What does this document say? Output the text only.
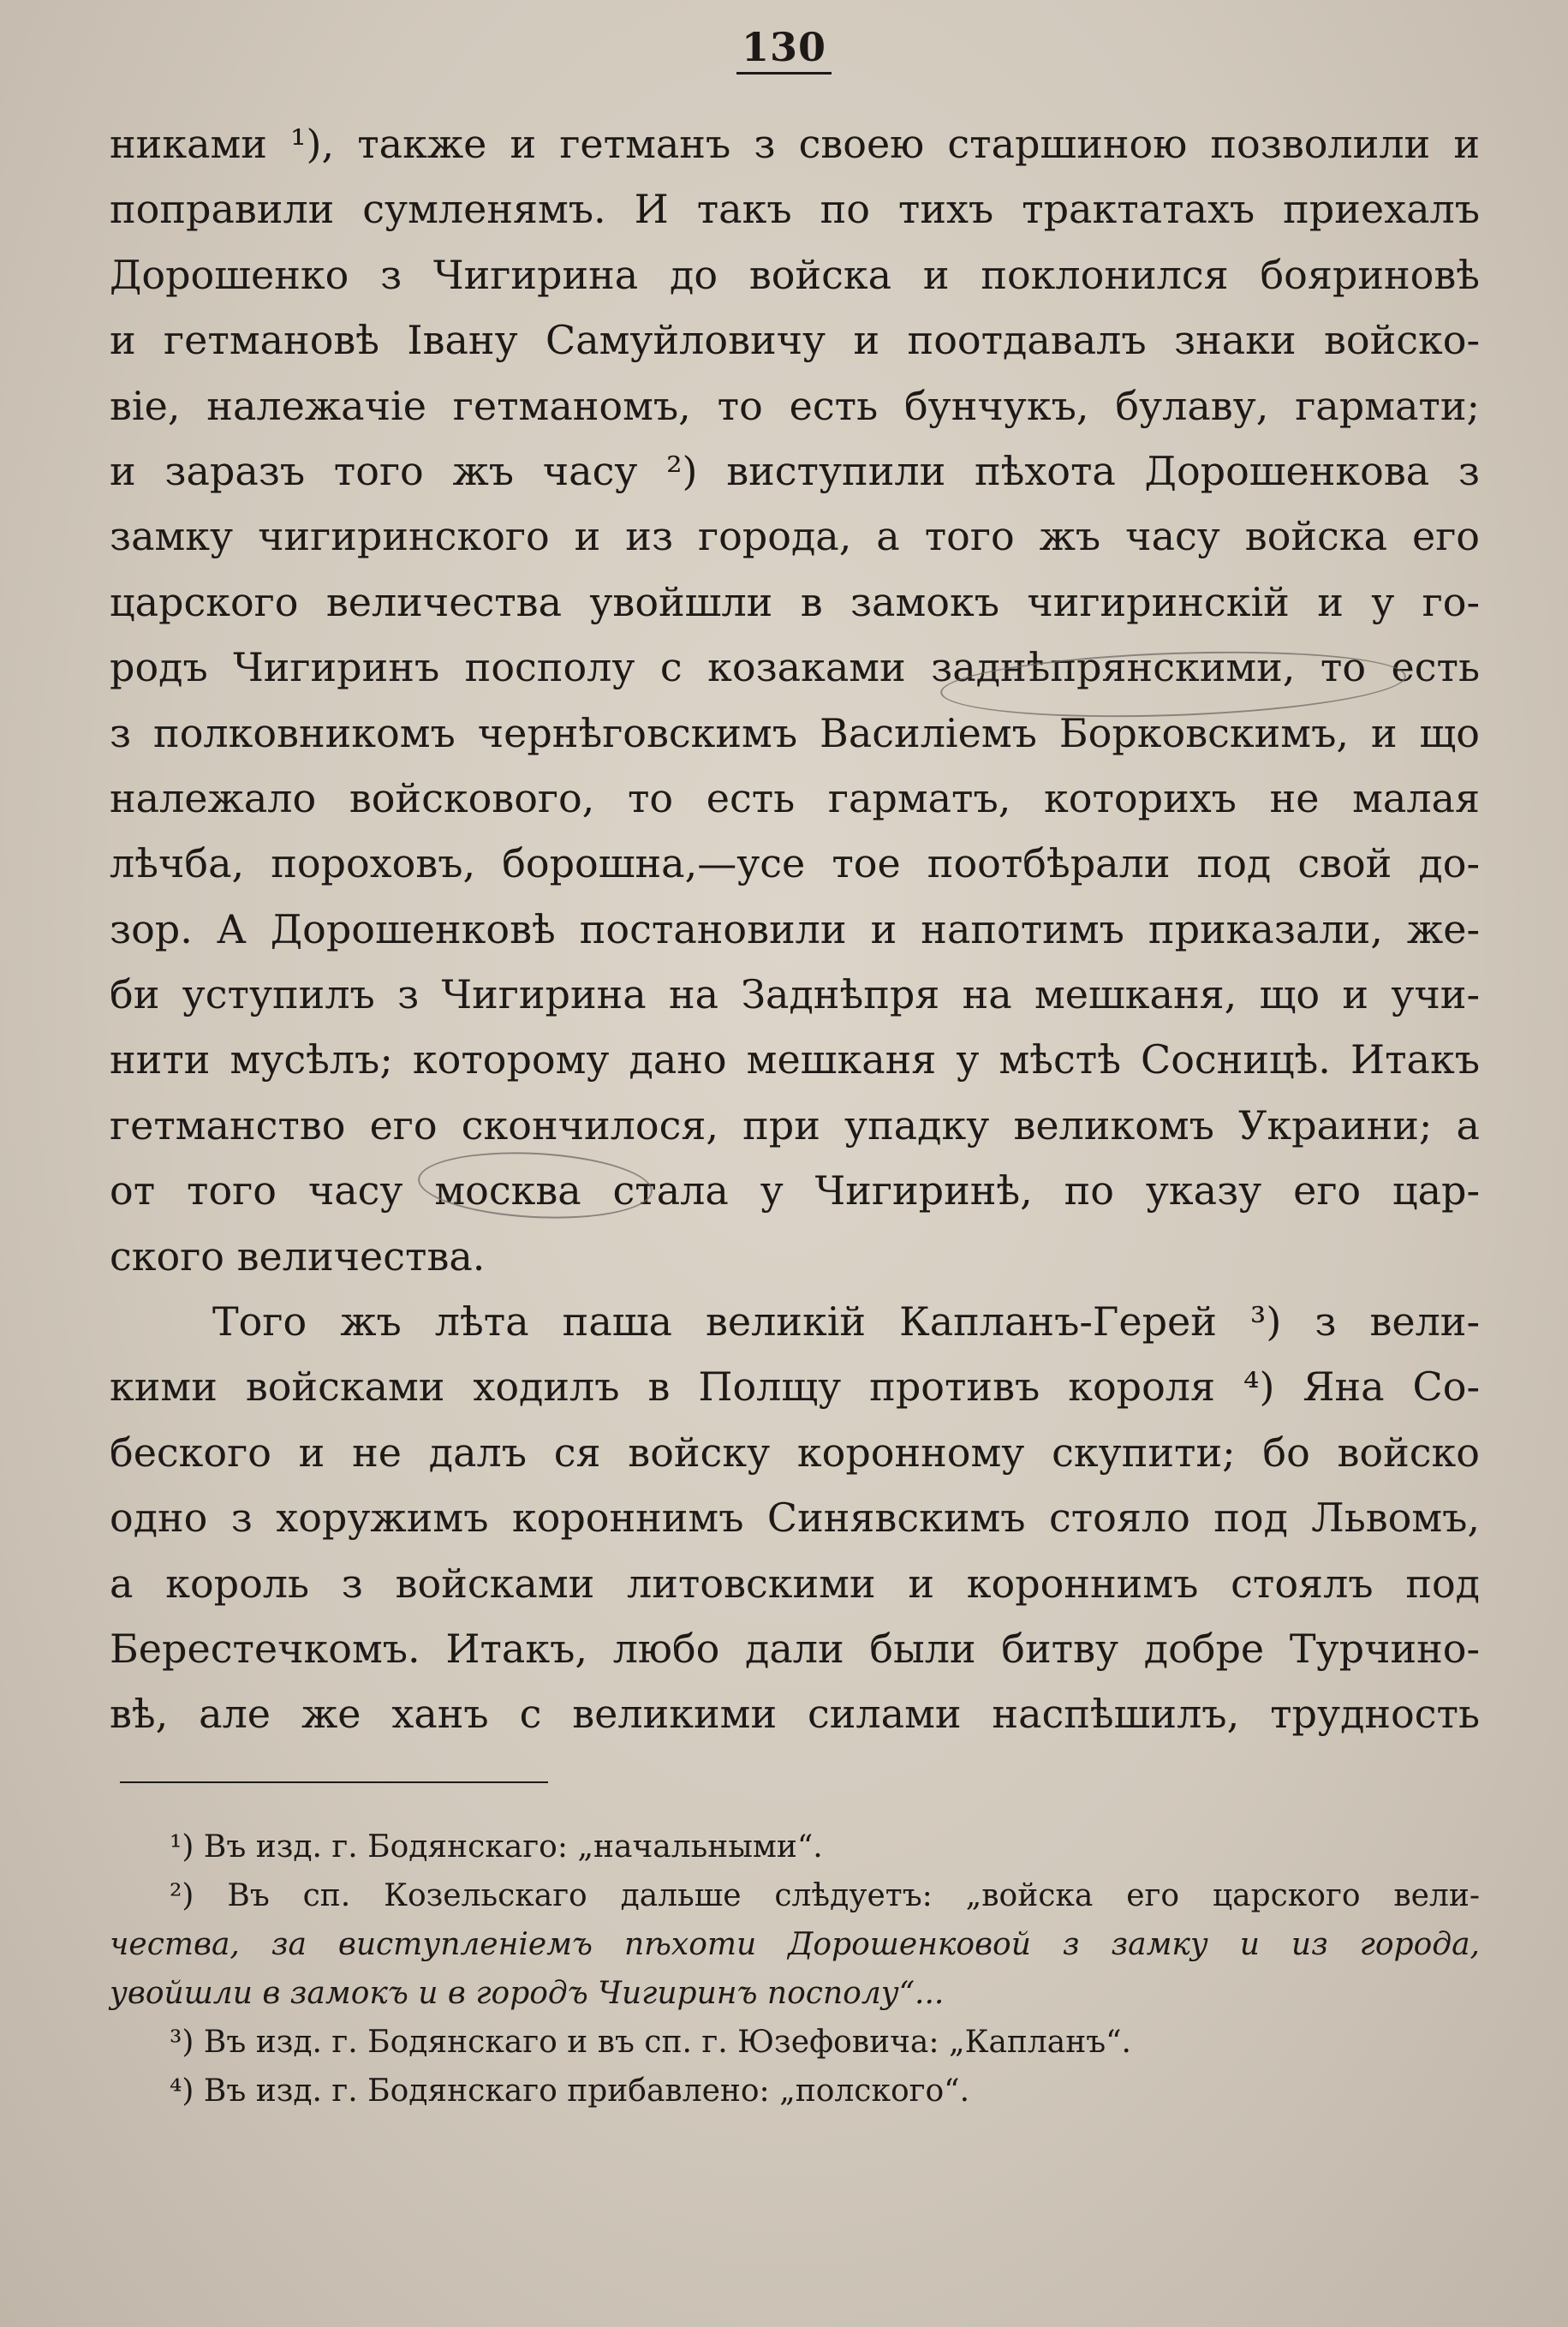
130
никами ¹), также и гетманъ з своею старшиною позволили и
поправили сумленямъ. И такъ по тихъ трактатахъ приехалъ
Дорошенко з Чигирина до войска и поклонился бояриновѣ
и гетмановѣ Івану Самуйловичу и поотдавалъ знаки войско-
віе, належачіе гетманомъ, то есть бунчукъ, булаву, гармати;
и заразъ того жъ часу ²) виступили пѣхота Дорошенкова з
замку чигиринского и из города, а того жъ часу войска его
царского величества увойшли в замокъ чигиринскій и у го-
родъ Чигиринъ посполу с козаками заднѣпрянскими, то есть
з полковникомъ чернѣговскимъ Василіемъ Борковскимъ, и що
належало войскового, то есть гарматъ, которихъ не малая
лѣчба, пороховъ, борошна,—усе тое поотбѣрали под свой до-
зор. А Дорошенковѣ постановили и напотимъ приказали, же-
би уступилъ з Чигирина на Заднѣпря на мешканя, що и учи-
нити мусѣлъ; которому дано мешканя у мѣстѣ Сосницѣ. Итакъ
гетманство его скончилося, при упадку великомъ Украини; а
от того часу москва стала у Чигиринѣ, по указу его цар-
ского величества.
Того жъ лѣта паша великій Капланъ-Герей ³) з вели-
кими войсками ходилъ в Полщу противъ короля ⁴) Яна Со-
беского и не далъ ся войску коронному скупити; бо войско
одно з хоружимъ короннимъ Синявскимъ стояло под Львомъ,
а король з войсками литовскими и короннимъ стоялъ под
Берестечкомъ. Итакъ, любо дали были битву добре Турчино-
вѣ, але же ханъ с великими силами наспѣшилъ, трудность
¹) Въ изд. г. Бодянскаго: „начальными“.
²) Въ сп. Козельскаго дальше слѣдуетъ: „войска его царского вели-
чества, за виступленіемъ пѣхоти Дорошенковой з замку и из города,
увойшли в замокъ и в городъ Чигиринъ посполу“...
³) Въ изд. г. Бодянскаго и въ сп. г. Юзефовича: „Капланъ“.
⁴) Въ изд. г. Бодянскаго прибавлено: „полского“.
